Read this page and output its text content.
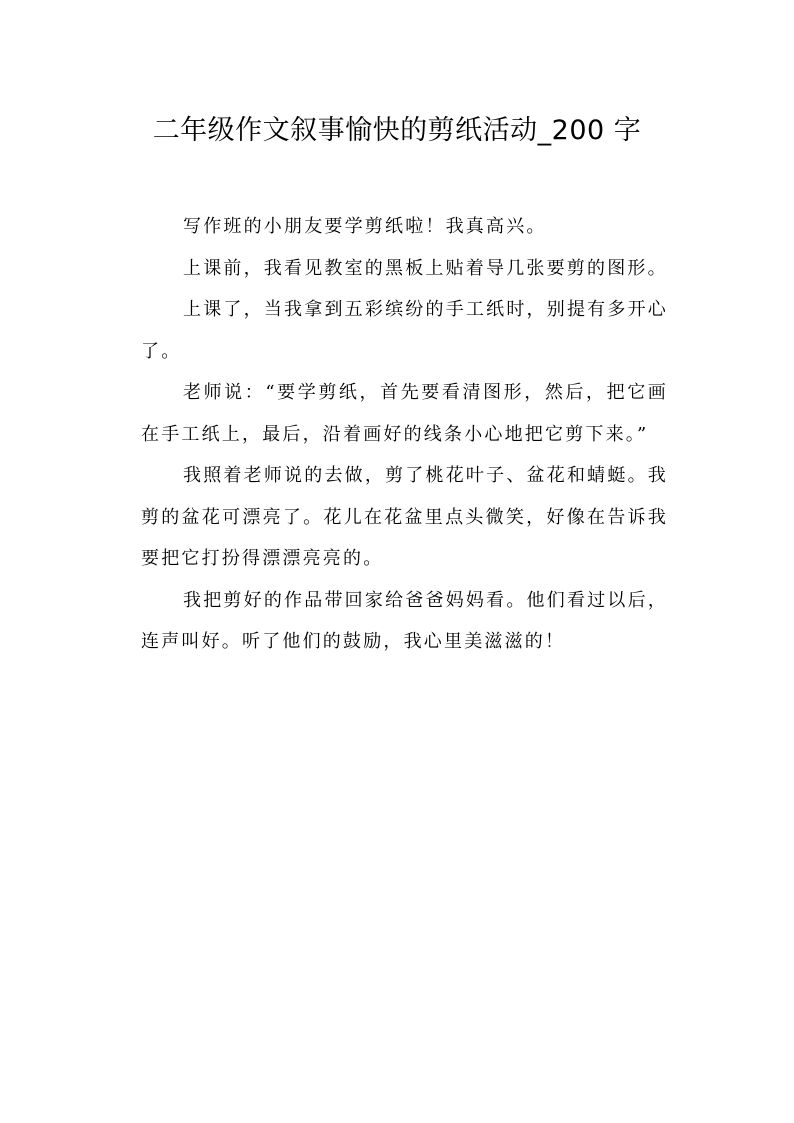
二年级作文叙事愉快的剪纸活动_200 字

写作班的小朋友要学剪纸啦！我真高兴。

上课前，我看见教室的黑板上贴着导几张要剪的图形。

上课了，当我拿到五彩缤纷的手工纸时，别提有多开心了。

老师说：“要学剪纸，首先要看清图形，然后，把它画在手工纸上，最后，沿着画好的线条小心地把它剪下来。”

我照着老师说的去做，剪了桃花叶子、盆花和蜻蜓。我剪的盆花可漂亮了。花儿在花盆里点头微笑，好像在告诉我要把它打扮得漂漂亮亮的。

我把剪好的作品带回家给爸爸妈妈看。他们看过以后，连声叫好。听了他们的鼓励，我心里美滋滋的！
